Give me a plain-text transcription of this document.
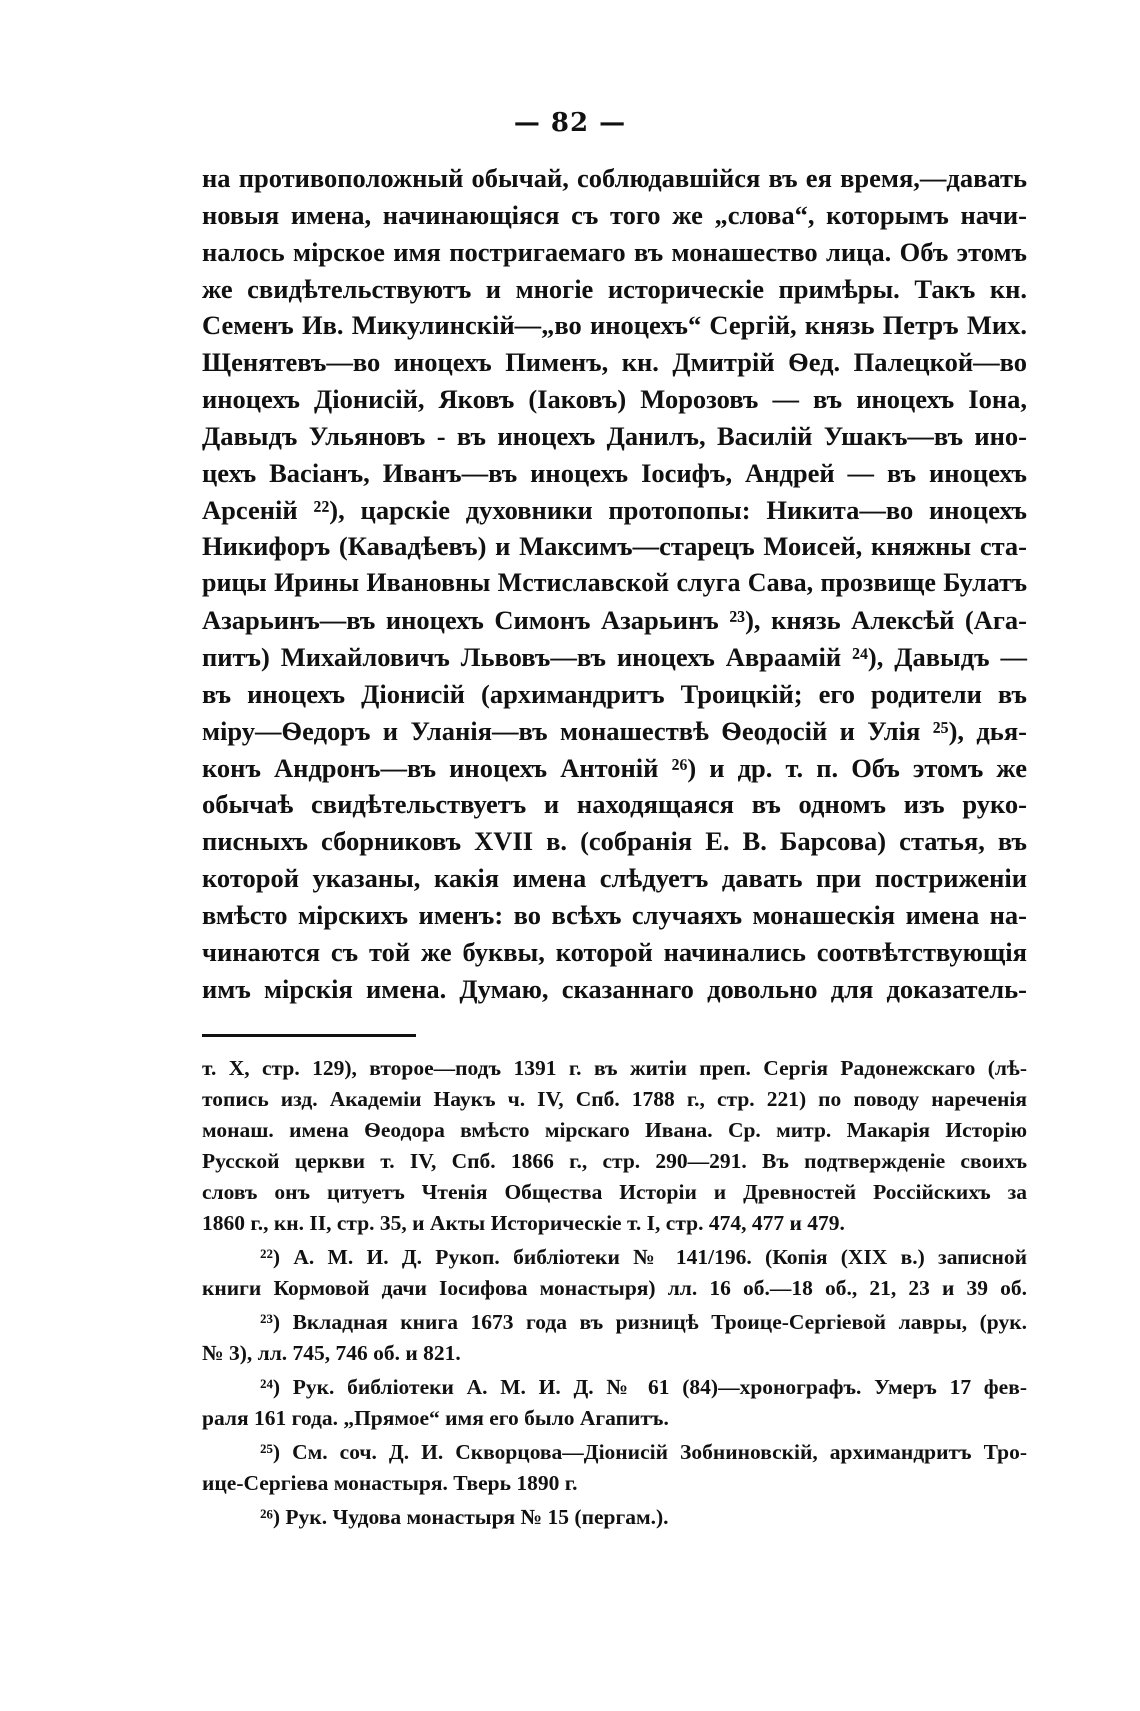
— 82 —
на противоположный обычай, соблюдавшійся въ ея время,—давать
новыя имена, начинающіяся съ того же „слова“, которымъ начи-
налось мірское имя постригаемаго въ монашество лица. Объ этомъ
же свидѣтельствуютъ и многіе историческіе примѣры. Такъ кн.
Семенъ Ив. Микулинскій—„во иноцехъ“ Сергій, князь Петръ Мих.
Щенятевъ—во иноцехъ Пименъ, кн. Дмитрій Ѳед. Палецкой—во
иноцехъ Діонисій, Яковъ (Іаковъ) Морозовъ — въ иноцехъ Іона,
Давыдъ Ульяновъ - въ иноцехъ Данилъ, Василій Ушакъ—въ ино-
цехъ Васіанъ, Иванъ—въ иноцехъ Іосифъ, Андрей — въ иноцехъ
Арсеній ²²), царскіе духовники протопопы: Никита—во иноцехъ
Никифоръ (Кавадѣевъ) и Максимъ—старецъ Моисей, княжны ста-
рицы Ирины Ивановны Мстиславской слуга Сава, прозвище Булатъ
Азарьинъ—въ иноцехъ Симонъ Азарьинъ ²³), князь Алексѣй (Ага-
питъ) Михайловичъ Львовъ—въ иноцехъ Авраамій ²⁴), Давыдъ —
въ иноцехъ Діонисій (архимандритъ Троицкій; его родители въ
міру—Ѳедоръ и Уланія—въ монашествѣ Ѳеодосій и Улія ²⁵), дья-
конъ Андронъ—въ иноцехъ Антоній ²⁶) и др. т. п. Объ этомъ же
обычаѣ свидѣтельствуетъ и находящаяся въ одномъ изъ руко-
писныхъ сборниковъ XVII в. (собранія Е. В. Барсова) статья, въ
которой указаны, какія имена слѣдуетъ давать при постриженіи
вмѣсто мірскихъ именъ: во всѣхъ случаяхъ монашескія имена на-
чинаются съ той же буквы, которой начинались соотвѣтствующія
имъ мірскія имена. Думаю, сказаннаго довольно для доказатель-
т. X, стр. 129), второе—подъ 1391 г. въ житіи преп. Сергія Радонежскаго (лѣ-
топись изд. Академіи Наукъ ч. IV, Спб. 1788 г., стр. 221) по поводу нареченія
монаш. имена Ѳеодора вмѣсто мірскаго Ивана. Ср. митр. Макарія Исторію
Русской церкви т. IV, Спб. 1866 г., стр. 290—291. Въ подтвержденіе своихъ
словъ онъ цитуетъ Чтенія Общества Исторіи и Древностей Россійскихъ за
1860 г., кн. II, стр. 35, и Акты Историческіе т. I, стр. 474, 477 и 479.
²²) А. М. И. Д. Рукоп. библіотеки № 141/196. (Копія (XIX в.) записной
книги Кормовой дачи Іосифова монастыря) лл. 16 об.—18 об., 21, 23 и 39 об.
²³) Вкладная книга 1673 года въ ризницѣ Троице-Сергіевой лавры, (рук.
№ 3), лл. 745, 746 об. и 821.
²⁴) Рук. библіотеки А. М. И. Д. № 61 (84)—хронографъ. Умеръ 17 фев-
раля 161 года. „Прямое“ имя его было Агапитъ.
²⁵) См. соч. Д. И. Скворцова—Діонисій Зобниновскій, архимандритъ Тро-
ице-Сергіева монастыря. Тверь 1890 г.
²⁶) Рук. Чудова монастыря № 15 (пергам.).
